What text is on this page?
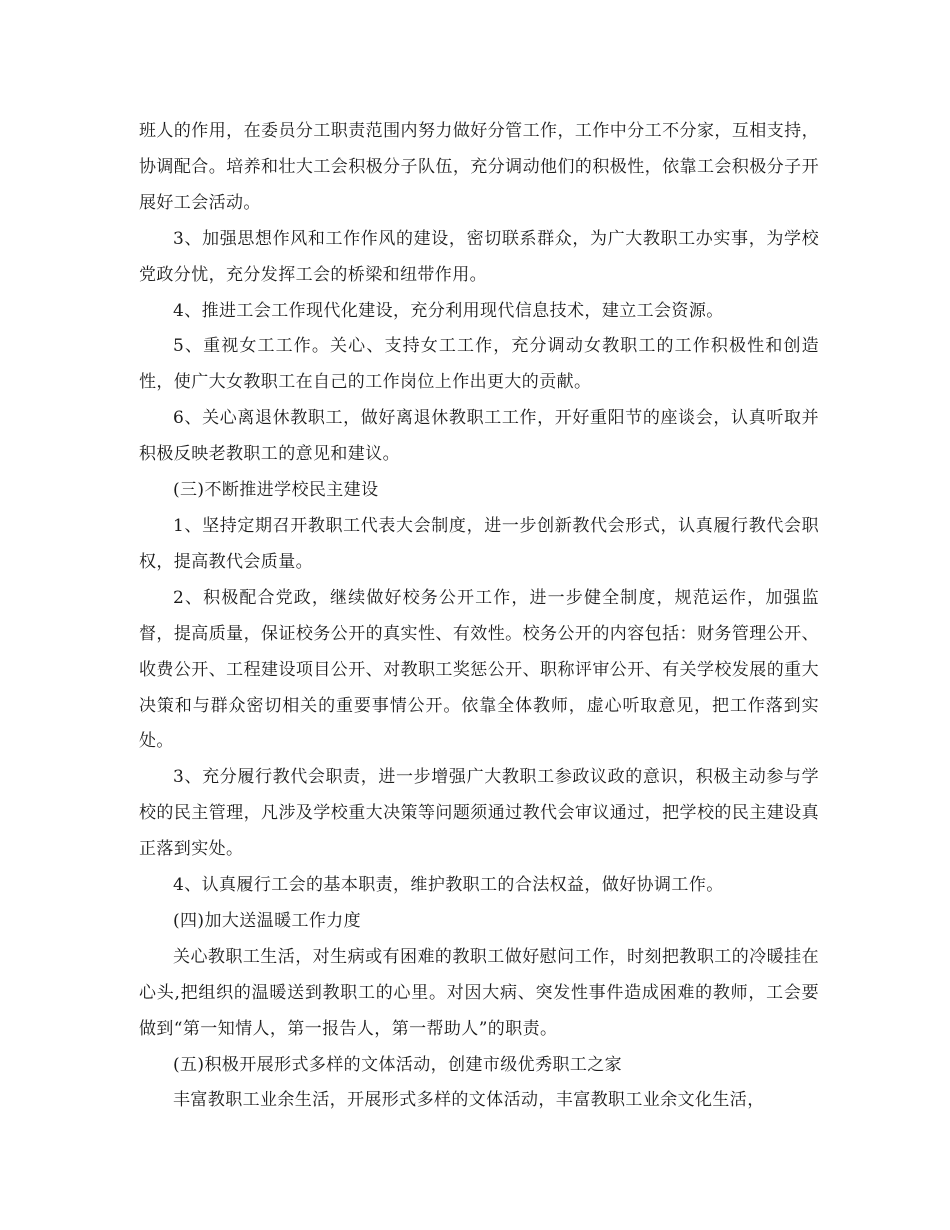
班人的作用，在委员分工职责范围内努力做好分管工作，工作中分工不分家，互相支持，协调配合。培养和壮大工会积极分子队伍，充分调动他们的积极性，依靠工会积极分子开展好工会活动。

3、加强思想作风和工作作风的建设，密切联系群众，为广大教职工办实事，为学校党政分忧，充分发挥工会的桥梁和纽带作用。

4、推进工会工作现代化建设，充分利用现代信息技术，建立工会资源。

5、重视女工工作。关心、支持女工工作，充分调动女教职工的工作积极性和创造性，使广大女教职工在自己的工作岗位上作出更大的贡献。

6、关心离退休教职工，做好离退休教职工工作，开好重阳节的座谈会，认真听取并积极反映老教职工的意见和建议。

(三)不断推进学校民主建设

1、坚持定期召开教职工代表大会制度，进一步创新教代会形式，认真履行教代会职权，提高教代会质量。

2、积极配合党政，继续做好校务公开工作，进一步健全制度，规范运作，加强监督，提高质量，保证校务公开的真实性、有效性。校务公开的内容包括：财务管理公开、收费公开、工程建设项目公开、对教职工奖惩公开、职称评审公开、有关学校发展的重大决策和与群众密切相关的重要事情公开。依靠全体教师，虚心听取意见，把工作落到实处。

3、充分履行教代会职责，进一步增强广大教职工参政议政的意识，积极主动参与学校的民主管理，凡涉及学校重大决策等问题须通过教代会审议通过，把学校的民主建设真正落到实处。

4、认真履行工会的基本职责，维护教职工的合法权益，做好协调工作。

(四)加大送温暖工作力度

关心教职工生活，对生病或有困难的教职工做好慰问工作，时刻把教职工的冷暖挂在心头,把组织的温暖送到教职工的心里。对因大病、突发性事件造成困难的教师，工会要做到“第一知情人，第一报告人，第一帮助人”的职责。

(五)积极开展形式多样的文体活动，创建市级优秀职工之家

丰富教职工业余生活，开展形式多样的文体活动，丰富教职工业余文化生活，
